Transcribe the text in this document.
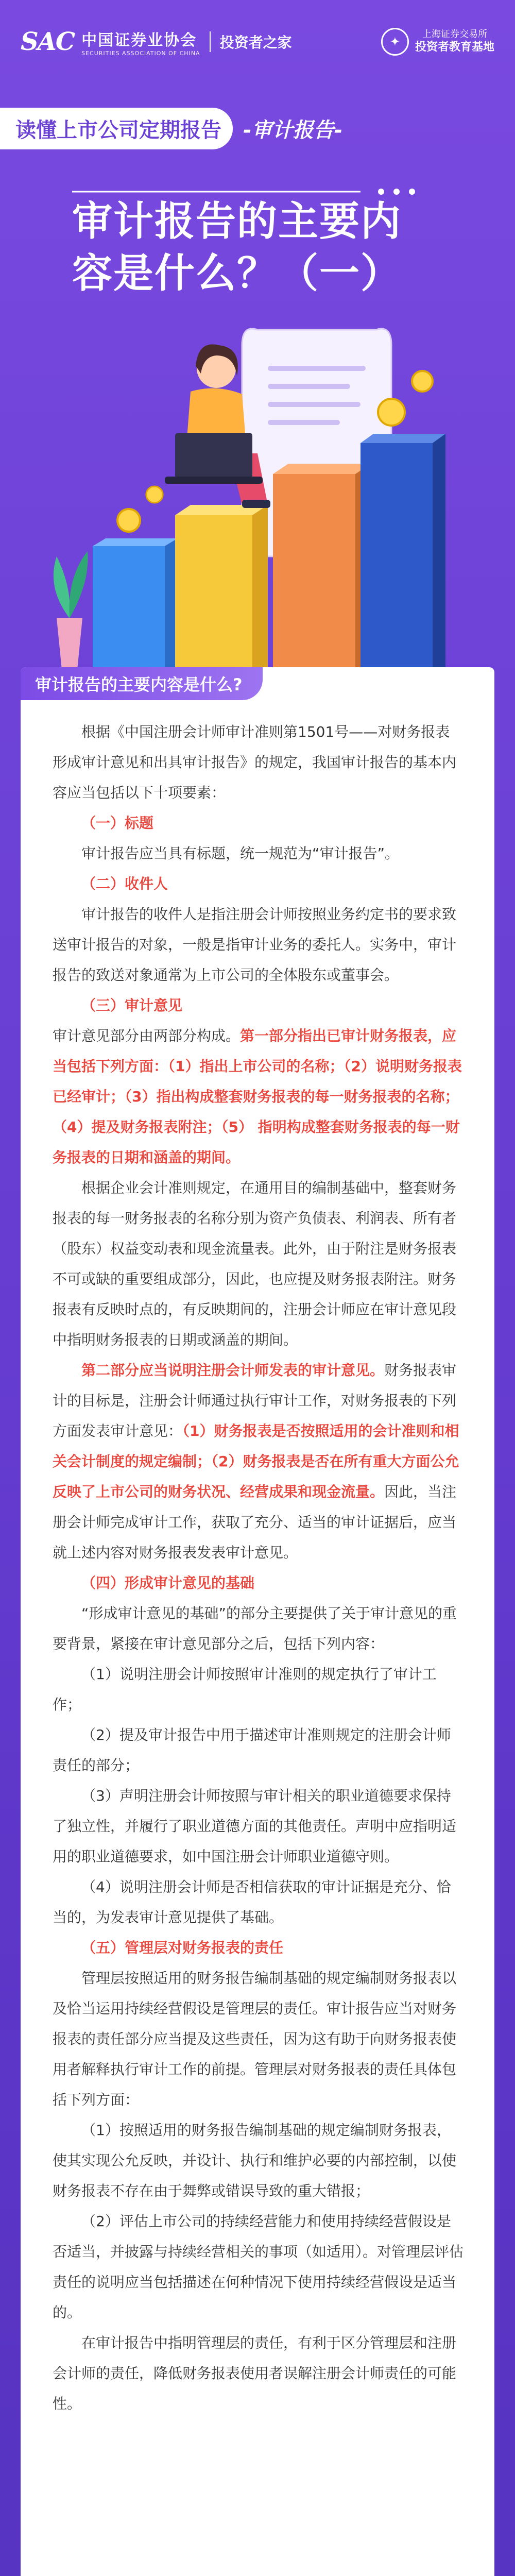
SAC 中国证券业协会
SECURITIES ASSOCIATION OF CHINA
投资者之家	✦
上海证券交易所
投资者教育基地
读懂上市公司定期报告	-审计报告-
审计报告的主要内容是什么？（一）
审计报告的主要内容是什么?

根据《中国注册会计师审计准则第1501号——对财务报表形成审计意见和出具审计报告》的规定，我国审计报告的基本内容应当包括以下十项要素：

（一）标题

审计报告应当具有标题，统一规范为“审计报告”。

（二）收件人

审计报告的收件人是指注册会计师按照业务约定书的要求致送审计报告的对象，一般是指审计业务的委托人。实务中，审计报告的致送对象通常为上市公司的全体股东或董事会。

（三）审计意见

审计意见部分由两部分构成。第一部分指出已审计财务报表，应当包括下列方面：（1）指出上市公司的名称；（2）说明财务报表已经审计；（3）指出构成整套财务报表的每一财务报表的名称；（4）提及财务报表附注；（5） 指明构成整套财务报表的每一财务报表的日期和涵盖的期间。

根据企业会计准则规定，在通用目的编制基础中，整套财务报表的每一财务报表的名称分别为资产负债表、利润表、所有者（股东）权益变动表和现金流量表。此外，由于附注是财务报表不可或缺的重要组成部分，因此，也应提及财务报表附注。财务报表有反映时点的，有反映期间的，注册会计师应在审计意见段中指明财务报表的日期或涵盖的期间。

第二部分应当说明注册会计师发表的审计意见。财务报表审计的目标是，注册会计师通过执行审计工作，对财务报表的下列方面发表审计意见：（1）财务报表是否按照适用的会计准则和相关会计制度的规定编制；（2）财务报表是否在所有重大方面公允反映了上市公司的财务状况、经营成果和现金流量。因此，当注册会计师完成审计工作，获取了充分、适当的审计证据后，应当就上述内容对财务报表发表审计意见。

（四）形成审计意见的基础

“形成审计意见的基础”的部分主要提供了关于审计意见的重要背景，紧接在审计意见部分之后，包括下列内容：

（1）说明注册会计师按照审计准则的规定执行了审计工作；

（2）提及审计报告中用于描述审计准则规定的注册会计师责任的部分；

（3）声明注册会计师按照与审计相关的职业道德要求保持了独立性，并履行了职业道德方面的其他责任。声明中应指明适用的职业道德要求，如中国注册会计师职业道德守则。

（4）说明注册会计师是否相信获取的审计证据是充分、恰当的，为发表审计意见提供了基础。

（五）管理层对财务报表的责任

管理层按照适用的财务报告编制基础的规定编制财务报表以及恰当运用持续经营假设是管理层的责任。审计报告应当对财务报表的责任部分应当提及这些责任，因为这有助于向财务报表使用者解释执行审计工作的前提。管理层对财务报表的责任具体包括下列方面：

（1）按照适用的财务报告编制基础的规定编制财务报表，使其实现公允反映，并设计、执行和维护必要的内部控制，以使财务报表不存在由于舞弊或错误导致的重大错报；

（2）评估上市公司的持续经营能力和使用持续经营假设是否适当，并披露与持续经营相关的事项（如适用）。对管理层评估责任的说明应当包括描述在何种情况下使用持续经营假设是适当的。

在审计报告中指明管理层的责任，有利于区分管理层和注册会计师的责任，降低财务报表使用者误解注册会计师责任的可能性。
